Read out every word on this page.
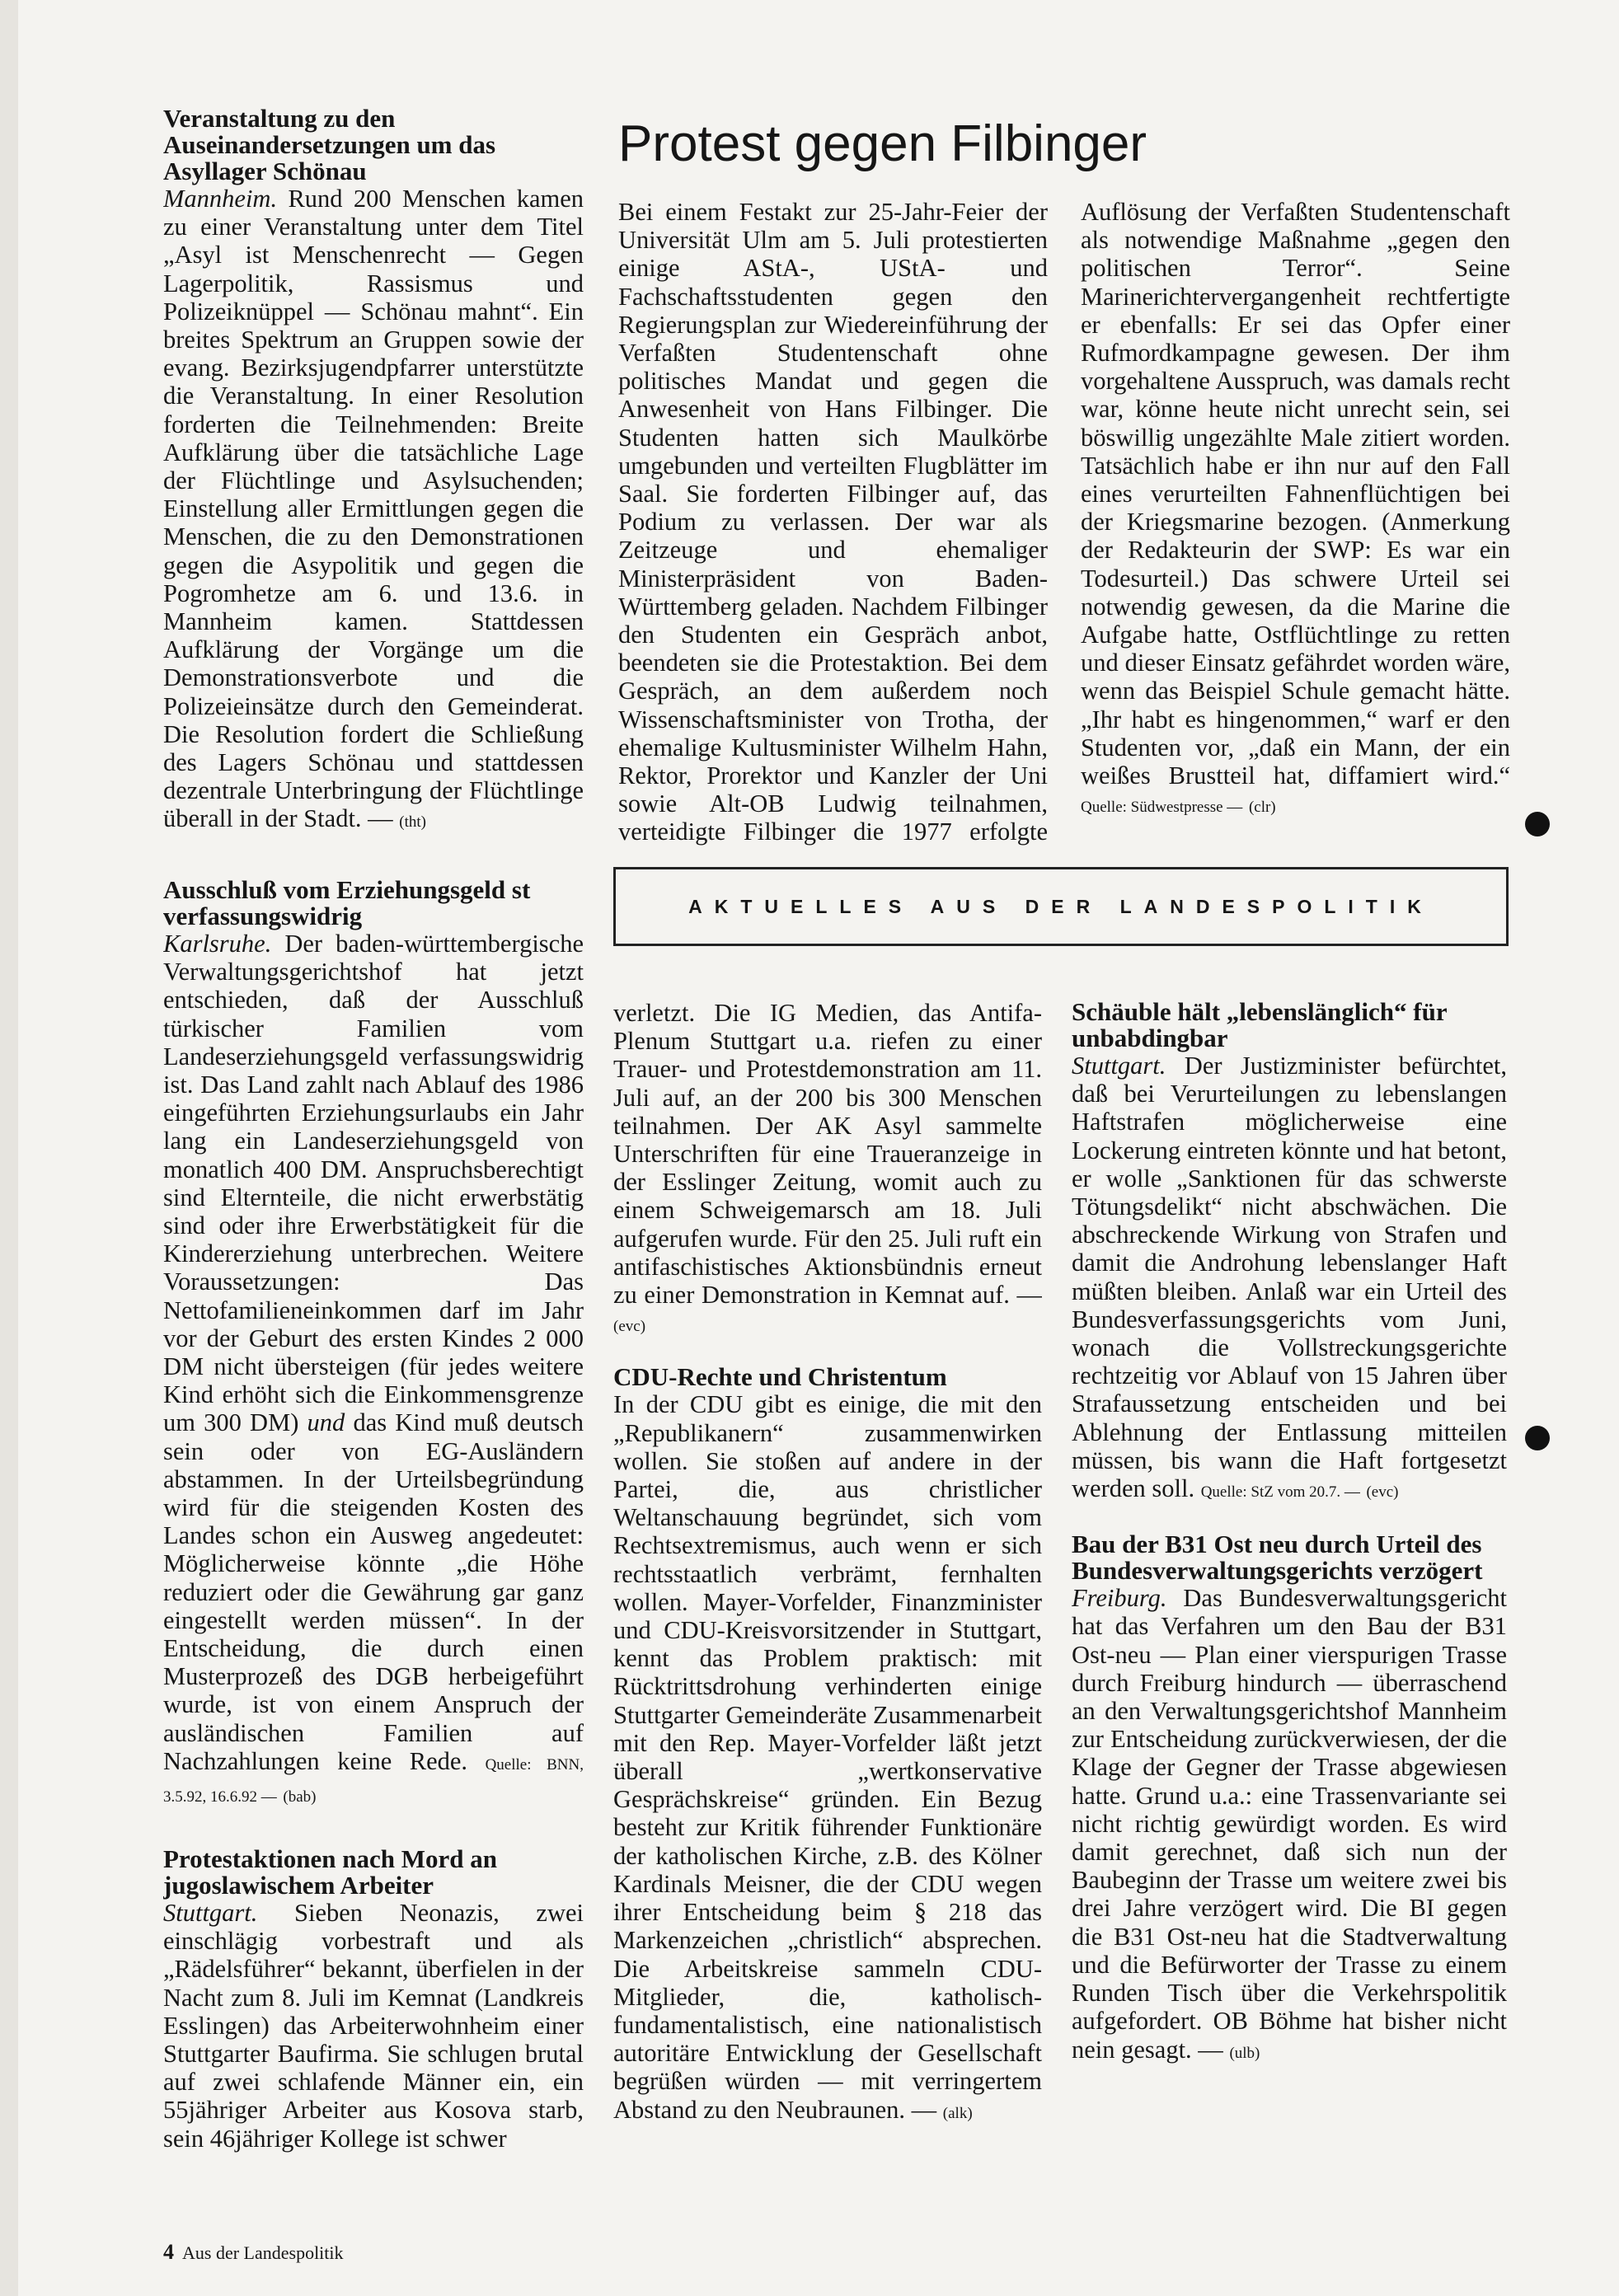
Veranstaltung zu den Auseinandersetzungen um das Asyllager Schönau

Mannheim. Rund 200 Menschen kamen zu einer Veranstaltung unter dem Titel „Asyl ist Menschenrecht — Gegen Lagerpolitik, Rassismus und Polizeiknüppel — Schönau mahnt“. Ein breites Spektrum an Gruppen sowie der evang. Bezirksjugendpfarrer unterstützte die Veranstaltung. In einer Resolution forderten die Teilnehmenden: Breite Aufklärung über die tatsächliche Lage der Flüchtlinge und Asylsuchenden; Einstellung aller Ermittlungen gegen die Menschen, die zu den Demonstrationen gegen die Asypolitik und gegen die Pogromhetze am 6. und 13.6. in Mannheim kamen. Stattdessen Aufklärung der Vorgänge um die Demonstrationsverbote und die Polizeieinsätze durch den Gemeinderat. Die Resolution fordert die Schließung des Lagers Schönau und stattdessen dezentrale Unterbringung der Flüchtlinge überall in der Stadt. — (tht)

Protest gegen Filbinger

Bei einem Festakt zur 25-Jahr-Feier der Universität Ulm am 5. Juli protestierten einige AStA-, UStA- und Fachschaftsstudenten gegen den Regierungsplan zur Wiedereinführung der Verfaßten Studentenschaft ohne politisches Mandat und gegen die Anwesenheit von Hans Filbinger. Die Studenten hatten sich Maulkörbe umgebunden und verteilten Flugblätter im Saal. Sie forderten Filbinger auf, das Podium zu verlassen. Der war als Zeitzeuge und ehemaliger Ministerpräsident von Baden-Württemberg geladen. Nachdem Filbinger den Studenten ein Gespräch anbot, beendeten sie die Protestaktion. Bei dem Gespräch, an dem außerdem noch Wissenschaftsminister von Trotha, der ehemalige Kultusminister Wilhelm Hahn, Rektor, Prorektor und Kanzler der Uni sowie Alt-OB Ludwig teilnahmen, verteidigte Filbinger die 1977 erfolgte Auflösung der Verfaßten Studentenschaft als notwendige Maßnahme „gegen den politischen Terror“. Seine Marinerichtervergangenheit rechtfertigte er ebenfalls: Er sei das Opfer einer Rufmordkampagne gewesen. Der ihm vorgehaltene Ausspruch, was damals recht war, könne heute nicht unrecht sein, sei böswillig ungezählte Male zitiert worden. Tatsächlich habe er ihn nur auf den Fall eines verurteilten Fahnenflüchtigen bei der Kriegsmarine bezogen. (Anmerkung der Redakteurin der SWP: Es war ein Todesurteil.) Das schwere Urteil sei notwendig gewesen, da die Marine die Aufgabe hatte, Ostflüchtlinge zu retten und dieser Einsatz gefährdet worden wäre, wenn das Beispiel Schule gemacht hätte. „Ihr habt es hingenommen,“ warf er den Studenten vor, „daß ein Mann, der ein weißes Brustteil hat, diffamiert wird.“ Quelle: Südwestpresse — (clr)

Ausschluß vom Erziehungsgeld st verfassungswidrig

Karlsruhe. Der baden-württembergische Verwaltungsgerichtshof hat jetzt entschieden, daß der Ausschluß türkischer Familien vom Landeserziehungsgeld verfassungswidrig ist. Das Land zahlt nach Ablauf des 1986 eingeführten Erziehungsurlaubs ein Jahr lang ein Landeserziehungsgeld von monatlich 400 DM. Anspruchsberechtigt sind Elternteile, die nicht erwerbstätig sind oder ihre Erwerbstätigkeit für die Kindererziehung unterbrechen. Weitere Voraussetzungen: Das Nettofamilieneinkommen darf im Jahr vor der Geburt des ersten Kindes 2 000 DM nicht übersteigen (für jedes weitere Kind erhöht sich die Einkommensgrenze um 300 DM) und das Kind muß deutsch sein oder von EG-Ausländern abstammen. In der Urteilsbegründung wird für die steigenden Kosten des Landes schon ein Ausweg angedeutet: Möglicherweise könnte „die Höhe reduziert oder die Gewährung gar ganz eingestellt werden müssen“. In der Entscheidung, die durch einen Musterprozeß des DGB herbeigeführt wurde, ist von einem Anspruch der ausländischen Familien auf Nachzahlungen keine Rede. Quelle: BNN, 3.5.92, 16.6.92 — (bab)

Protestaktionen nach Mord an jugoslawischem Arbeiter

Stuttgart. Sieben Neonazis, zwei einschlägig vorbestraft und als „Rädelsführer“ bekannt, überfielen in der Nacht zum 8. Juli im Kemnat (Landkreis Esslingen) das Arbeiterwohnheim einer Stuttgarter Baufirma. Sie schlugen brutal auf zwei schlafende Männer ein, ein 55jähriger Arbeiter aus Kosova starb, sein 46jähriger Kollege ist schwer

AKTUELLES AUS DER LANDESPOLITIK

verletzt. Die IG Medien, das Antifa-Plenum Stuttgart u.a. riefen zu einer Trauer- und Protestdemonstration am 11. Juli auf, an der 200 bis 300 Menschen teilnahmen. Der AK Asyl sammelte Unterschriften für eine Traueranzeige in der Esslinger Zeitung, womit auch zu einem Schweigemarsch am 18. Juli aufgerufen wurde. Für den 25. Juli ruft ein antifaschistisches Aktionsbündnis erneut zu einer Demonstration in Kemnat auf. — (evc)

CDU-Rechte und Christentum

In der CDU gibt es einige, die mit den „Republikanern“ zusammenwirken wollen. Sie stoßen auf andere in der Partei, die, aus christlicher Weltanschauung begründet, sich vom Rechtsextremismus, auch wenn er sich rechtsstaatlich verbrämt, fernhalten wollen. Mayer-Vorfelder, Finanzminister und CDU-Kreisvorsitzender in Stuttgart, kennt das Problem praktisch: mit Rücktrittsdrohung verhinderten einige Stuttgarter Gemeinderäte Zusammenarbeit mit den Rep. Mayer-Vorfelder läßt jetzt überall „wertkonservative Gesprächskreise“ gründen. Ein Bezug besteht zur Kritik führender Funktionäre der katholischen Kirche, z.B. des Kölner Kardinals Meisner, die der CDU wegen ihrer Entscheidung beim § 218 das Markenzeichen „christlich“ absprechen. Die Arbeitskreise sammeln CDU-Mitglieder, die, katholisch-fundamentalistisch, eine nationalistisch autoritäre Entwicklung der Gesellschaft begrüßen würden — mit verringertem Abstand zu den Neubraunen. — (alk)

Schäuble hält „lebenslänglich“ für unbabdingbar

Stuttgart. Der Justizminister befürchtet, daß bei Verurteilungen zu lebenslangen Haftstrafen möglicherweise eine Lockerung eintreten könnte und hat betont, er wolle „Sanktionen für das schwerste Tötungsdelikt“ nicht abschwächen. Die abschreckende Wirkung von Strafen und damit die Androhung lebenslanger Haft müßten bleiben. Anlaß war ein Urteil des Bundesverfassungsgerichts vom Juni, wonach die Vollstreckungsgerichte rechtzeitig vor Ablauf von 15 Jahren über Strafaussetzung entscheiden und bei Ablehnung der Entlassung mitteilen müssen, bis wann die Haft fortgesetzt werden soll. Quelle: StZ vom 20.7. — (evc)

Bau der B31 Ost neu durch Urteil des Bundesverwaltungsgerichts verzögert

Freiburg. Das Bundesverwaltungsgericht hat das Verfahren um den Bau der B31 Ost-neu — Plan einer vierspurigen Trasse durch Freiburg hindurch — überraschend an den Verwaltungsgerichtshof Mannheim zur Entscheidung zurückverwiesen, der die Klage der Gegner der Trasse abgewiesen hatte. Grund u.a.: eine Trassenvariante sei nicht richtig gewürdigt worden. Es wird damit gerechnet, daß sich nun der Baubeginn der Trasse um weitere zwei bis drei Jahre verzögert wird. Die BI gegen die B31 Ost-neu hat die Stadtverwaltung und die Befürworter der Trasse zu einem Runden Tisch über die Verkehrspolitik aufgefordert. OB Böhme hat bisher nicht nein gesagt. — (ulb)

4 Aus der Landespolitik
